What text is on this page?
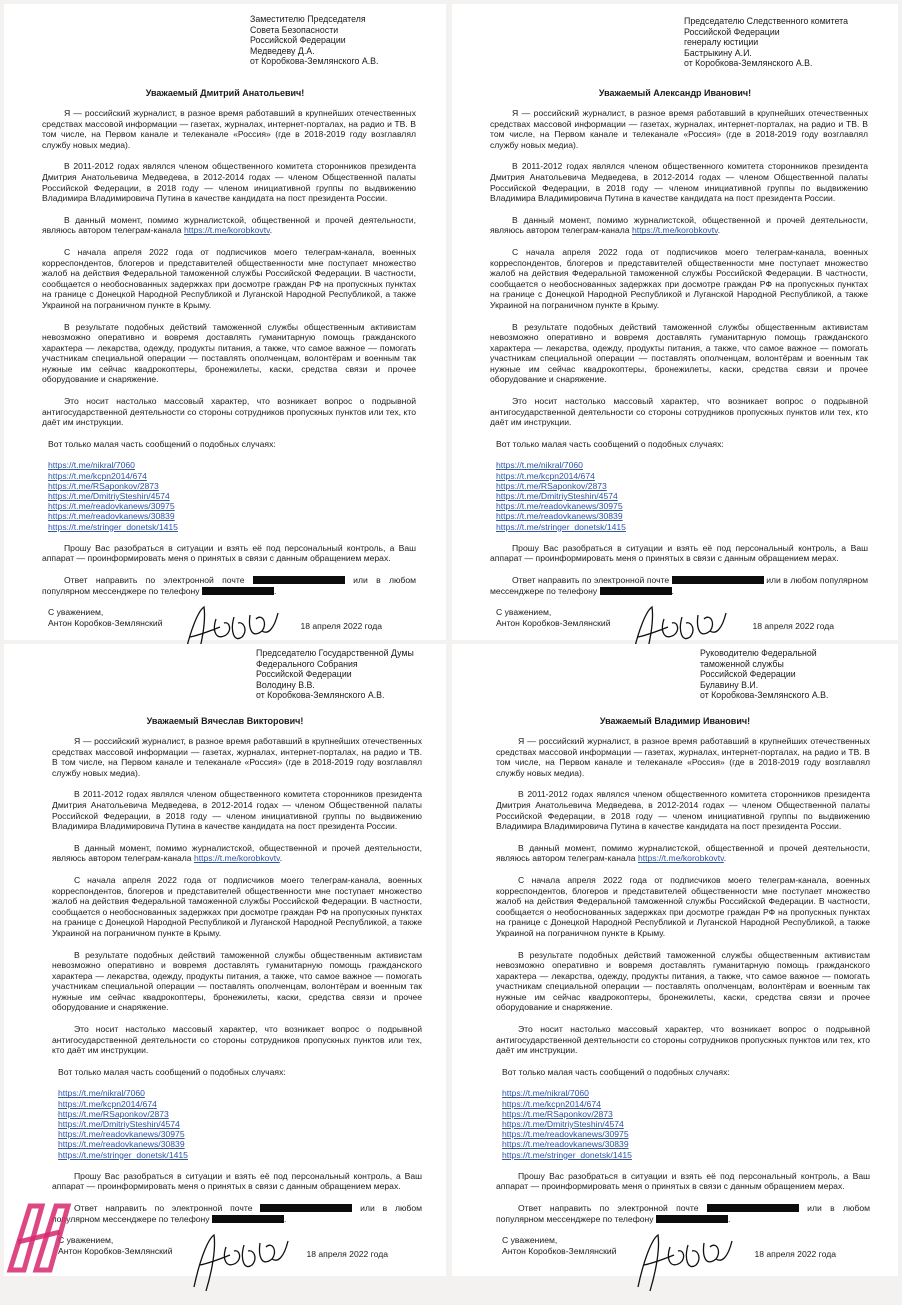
Заместителю Председателя
Совета Безопасности
Российской Федерации
Медведеву Д.А.
от Коробкова-Землянского А.В.
Уважаемый Дмитрий Анатольевич!

Я — российский журналист, в разное время работавший в крупнейших отечественных средствах массовой информации — газетах, журналах, интернет-порталах, на радио и ТВ. В том числе, на Первом канале и телеканале «Россия» (где в 2018-2019 году возглавлял службу новых медиа).

В 2011-2012 годах являлся членом общественного комитета сторонников президента Дмитрия Анатольевича Медведева, в 2012-2014 годах — членом Общественной палаты Российской Федерации, в 2018 году — членом инициативной группы по выдвижению Владимира Владимировича Путина в качестве кандидата на пост президента России.

В данный момент, помимо журналистской, общественной и прочей деятельности, являюсь автором телеграм-канала https://t.me/korobkovtv.

С начала апреля 2022 года от подписчиков моего телеграм-канала, военных корреспондентов, блогеров и представителей общественности мне поступает множество жалоб на действия Федеральной таможенной службы Российской Федерации. В частности, сообщается о необоснованных задержках при досмотре граждан РФ на пропускных пунктах на границе с Донецкой Народной Республикой и Луганской Народной Республикой, а также Украиной на пограничном пункте в Крыму.

В результате подобных действий таможенной службы общественным активистам невозможно оперативно и вовремя доставлять гуманитарную помощь гражданского характера — лекарства, одежду, продукты питания, а также, что самое важное — помогать участникам специальной операции — поставлять ополченцам, волонтёрам и военным так нужные им сейчас квадрокоптеры, бронежилеты, каски, средства связи и прочее оборудование и снаряжение.

Это носит настолько массовый характер, что возникает вопрос о подрывной антигосударственной деятельности со стороны сотрудников пропускных пунктов или тех, кто даёт им инструкции.

Вот только малая часть сообщений о подобных случаях:

https://t.me/nikral/7060
https://t.me/kcpn2014/674
https://t.me/RSaponkov/2873
https://t.me/DmitriySteshin/4574
https://t.me/readovkanews/30975
https://t.me/readovkanews/30839
https://t.me/stringer_donetsk/1415

Прошу Вас разобраться в ситуации и взять её под персональный контроль, а Ваш аппарат — проинформировать меня о принятых в связи с данным обращением мерах.

Ответ направить по электронной почте	или в любом популярном мессенджере по телефону	.

С уважением,
Антон Коробков-Землянский	18 апреля 2022 года
Председателю Следственного комитета
Российской Федерации
генералу юстиции
Бастрыкину А.И.
от Коробкова-Землянского А.В.
Уважаемый Александр Иванович!

Я — российский журналист, в разное время работавший в крупнейших отечественных средствах массовой информации — газетах, журналах, интернет-порталах, на радио и ТВ. В том числе, на Первом канале и телеканале «Россия» (где в 2018-2019 году возглавлял службу новых медиа).

В 2011-2012 годах являлся членом общественного комитета сторонников президента Дмитрия Анатольевича Медведева, в 2012-2014 годах — членом Общественной палаты Российской Федерации, в 2018 году — членом инициативной группы по выдвижению Владимира Владимировича Путина в качестве кандидата на пост президента России.

В данный момент, помимо журналистской, общественной и прочей деятельности, являюсь автором телеграм-канала https://t.me/korobkovtv.

С начала апреля 2022 года от подписчиков моего телеграм-канала, военных корреспондентов, блогеров и представителей общественности мне поступает множество жалоб на действия Федеральной таможенной службы Российской Федерации. В частности, сообщается о необоснованных задержках при досмотре граждан РФ на пропускных пунктах на границе с Донецкой Народной Республикой и Луганской Народной Республикой, а также Украиной на пограничном пункте в Крыму.

В результате подобных действий таможенной службы общественным активистам невозможно оперативно и вовремя доставлять гуманитарную помощь гражданского характера — лекарства, одежду, продукты питания, а также, что самое важное — помогать участникам специальной операции — поставлять ополченцам, волонтёрам и военным так нужные им сейчас квадрокоптеры, бронежилеты, каски, средства связи и прочее оборудование и снаряжение.

Это носит настолько массовый характер, что возникает вопрос о подрывной антигосударственной деятельности со стороны сотрудников пропускных пунктов или тех, кто даёт им инструкции.

Вот только малая часть сообщений о подобных случаях:

https://t.me/nikral/7060
https://t.me/kcpn2014/674
https://t.me/RSaponkov/2873
https://t.me/DmitriySteshin/4574
https://t.me/readovkanews/30975
https://t.me/readovkanews/30839
https://t.me/stringer_donetsk/1415

Прошу Вас разобраться в ситуации и взять её под персональный контроль, а Ваш аппарат — проинформировать меня о принятых в связи с данным обращением мерах.

Ответ направить по электронной почте	или в любом популярном мессенджере по телефону	.

С уважением,
Антон Коробков-Землянский	18 апреля 2022 года
Председателю Государственной Думы
Федерального Собрания
Российской Федерации
Володину В.В.
от Коробкова-Землянского А.В.
Уважаемый Вячеслав Викторович!

Я — российский журналист, в разное время работавший в крупнейших отечественных средствах массовой информации — газетах, журналах, интернет-порталах, на радио и ТВ. В том числе, на Первом канале и телеканале «Россия» (где в 2018-2019 году возглавлял службу новых медиа).

В 2011-2012 годах являлся членом общественного комитета сторонников президента Дмитрия Анатольевича Медведева, в 2012-2014 годах — членом Общественной палаты Российской Федерации, в 2018 году — членом инициативной группы по выдвижению Владимира Владимировича Путина в качестве кандидата на пост президента России.

В данный момент, помимо журналистской, общественной и прочей деятельности, являюсь автором телеграм-канала https://t.me/korobkovtv.

С начала апреля 2022 года от подписчиков моего телеграм-канала, военных корреспондентов, блогеров и представителей общественности мне поступает множество жалоб на действия Федеральной таможенной службы Российской Федерации. В частности, сообщается о необоснованных задержках при досмотре граждан РФ на пропускных пунктах на границе с Донецкой Народной Республикой и Луганской Народной Республикой, а также Украиной на пограничном пункте в Крыму.

В результате подобных действий таможенной службы общественным активистам невозможно оперативно и вовремя доставлять гуманитарную помощь гражданского характера — лекарства, одежду, продукты питания, а также, что самое важное — помогать участникам специальной операции — поставлять ополченцам, волонтёрам и военным так нужные им сейчас квадрокоптеры, бронежилеты, каски, средства связи и прочее оборудование и снаряжение.

Это носит настолько массовый характер, что возникает вопрос о подрывной антигосударственной деятельности со стороны сотрудников пропускных пунктов или тех, кто даёт им инструкции.

Вот только малая часть сообщений о подобных случаях:

https://t.me/nikral/7060
https://t.me/kcpn2014/674
https://t.me/RSaponkov/2873
https://t.me/DmitriySteshin/4574
https://t.me/readovkanews/30975
https://t.me/readovkanews/30839
https://t.me/stringer_donetsk/1415

Прошу Вас разобраться в ситуации и взять её под персональный контроль, а Ваш аппарат — проинформировать меня о принятых в связи с данным обращением мерах.

Ответ направить по электронной почте	или в любом популярном мессенджере по телефону	.

С уважением,
Антон Коробков-Землянский	18 апреля 2022 года
Руководителю Федеральной
таможенной службы
Российской Федерации
Булавину В.И.
от Коробкова-Землянского А.В.
Уважаемый Владимир Иванович!

Я — российский журналист, в разное время работавший в крупнейших отечественных средствах массовой информации — газетах, журналах, интернет-порталах, на радио и ТВ. В том числе, на Первом канале и телеканале «Россия» (где в 2018-2019 году возглавлял службу новых медиа).

В 2011-2012 годах являлся членом общественного комитета сторонников президента Дмитрия Анатольевича Медведева, в 2012-2014 годах — членом Общественной палаты Российской Федерации, в 2018 году — членом инициативной группы по выдвижению Владимира Владимировича Путина в качестве кандидата на пост президента России.

В данный момент, помимо журналистской, общественной и прочей деятельности, являюсь автором телеграм-канала https://t.me/korobkovtv.

С начала апреля 2022 года от подписчиков моего телеграм-канала, военных корреспондентов, блогеров и представителей общественности мне поступает множество жалоб на действия Федеральной таможенной службы Российской Федерации. В частности, сообщается о необоснованных задержках при досмотре граждан РФ на пропускных пунктах на границе с Донецкой Народной Республикой и Луганской Народной Республикой, а также Украиной на пограничном пункте в Крыму.

В результате подобных действий таможенной службы общественным активистам невозможно оперативно и вовремя доставлять гуманитарную помощь гражданского характера — лекарства, одежду, продукты питания, а также, что самое важное — помогать участникам специальной операции — поставлять ополченцам, волонтёрам и военным так нужные им сейчас квадрокоптеры, бронежилеты, каски, средства связи и прочее оборудование и снаряжение.

Это носит настолько массовый характер, что возникает вопрос о подрывной антигосударственной деятельности со стороны сотрудников пропускных пунктов или тех, кто даёт им инструкции.

Вот только малая часть сообщений о подобных случаях:

https://t.me/nikral/7060
https://t.me/kcpn2014/674
https://t.me/RSaponkov/2873
https://t.me/DmitriySteshin/4574
https://t.me/readovkanews/30975
https://t.me/readovkanews/30839
https://t.me/stringer_donetsk/1415

Прошу Вас разобраться в ситуации и взять её под персональный контроль, а Ваш аппарат — проинформировать меня о принятых в связи с данным обращением мерах.

Ответ направить по электронной почте	или в любом популярном мессенджере по телефону	.

С уважением,
Антон Коробков-Землянский	18 апреля 2022 года
